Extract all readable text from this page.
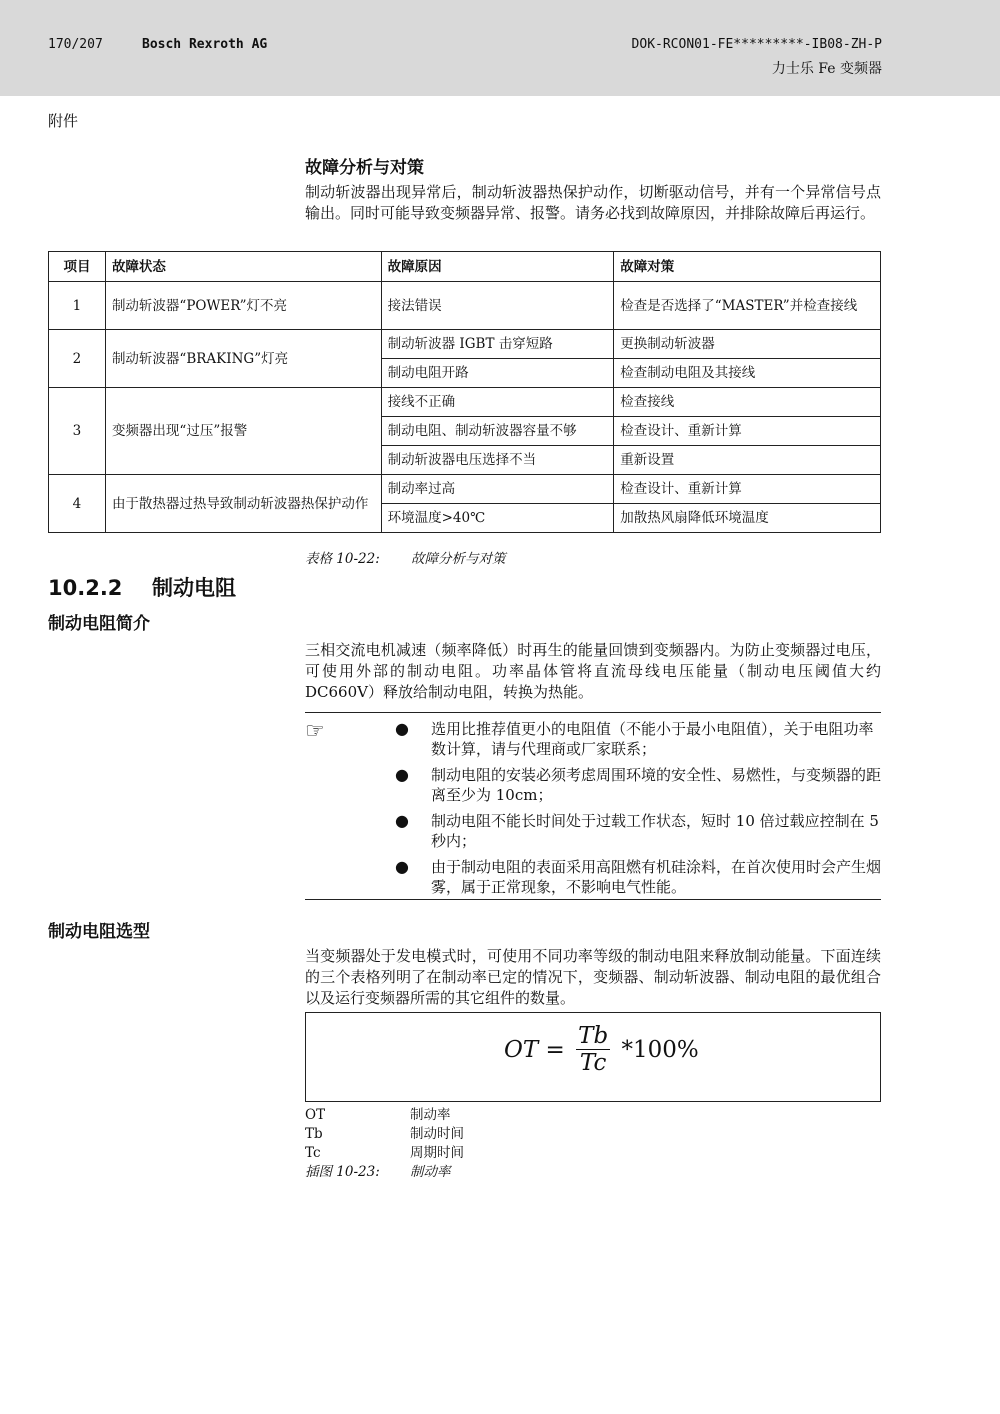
170/207	Bosch Rexroth AG	DOK-RCON01-FE*********-IB08-ZH-P
力士乐 Fe 变频器
附件
故障分析与对策
制动斩波器出现异常后，制动斩波器热保护动作，切断驱动信号，并有一个异常信号点输出。同时可能导致变频器异常、报警。请务必找到故障原因，并排除故障后再运行。
项目	故障状态	故障原因	故障对策
1	制动斩波器“POWER”灯不亮	接法错误	检查是否选择了“MASTER”并检查接线
2	制动斩波器“BRAKING”灯亮	制动斩波器 IGBT 击穿短路	更换制动斩波器
		制动电阻开路	检查制动电阻及其接线
3	变频器出现“过压”报警	接线不正确	检查接线
		制动电阻、制动斩波器容量不够	检查设计、重新计算
		制动斩波器电压选择不当	重新设置
4	由于散热器过热导致制动斩波器热保护动作	制动率过高	检查设计、重新计算
		环境温度>40℃	加散热风扇降低环境温度
表格 10-22: 故障分析与对策
10.2.2 制动电阻
制动电阻简介
三相交流电机减速（频率降低）时再生的能量回馈到变频器内。为防止变频器过电压，可使用外部的制动电阻。功率晶体管将直流母线电压能量（制动电压阈值大约 DC660V）释放给制动电阻，转换为热能。
☞	● 选用比推荐值更小的电阻值（不能小于最小电阻值），关于电阻功率数计算，请与代理商或厂家联系；
● 制动电阻的安装必须考虑周围环境的安全性、易燃性，与变频器的距离至少为 10cm；
● 制动电阻不能长时间处于过载工作状态，短时 10 倍过载应控制在 5 秒内；
● 由于制动电阻的表面采用高阻燃有机硅涂料，在首次使用时会产生烟雾，属于正常现象，不影响电气性能。
制动电阻选型
当变频器处于发电模式时，可使用不同功率等级的制动电阻来释放制动能量。下面连续的三个表格列明了在制动率已定的情况下，变频器、制动斩波器、制动电阻的最优组合以及运行变频器所需的其它组件的数量。
OT = $\frac{Tb}{Tc} *100\%$
OT	制动率
Tb	制动时间
Tc	周期时间
插图 10-23: 制动率
